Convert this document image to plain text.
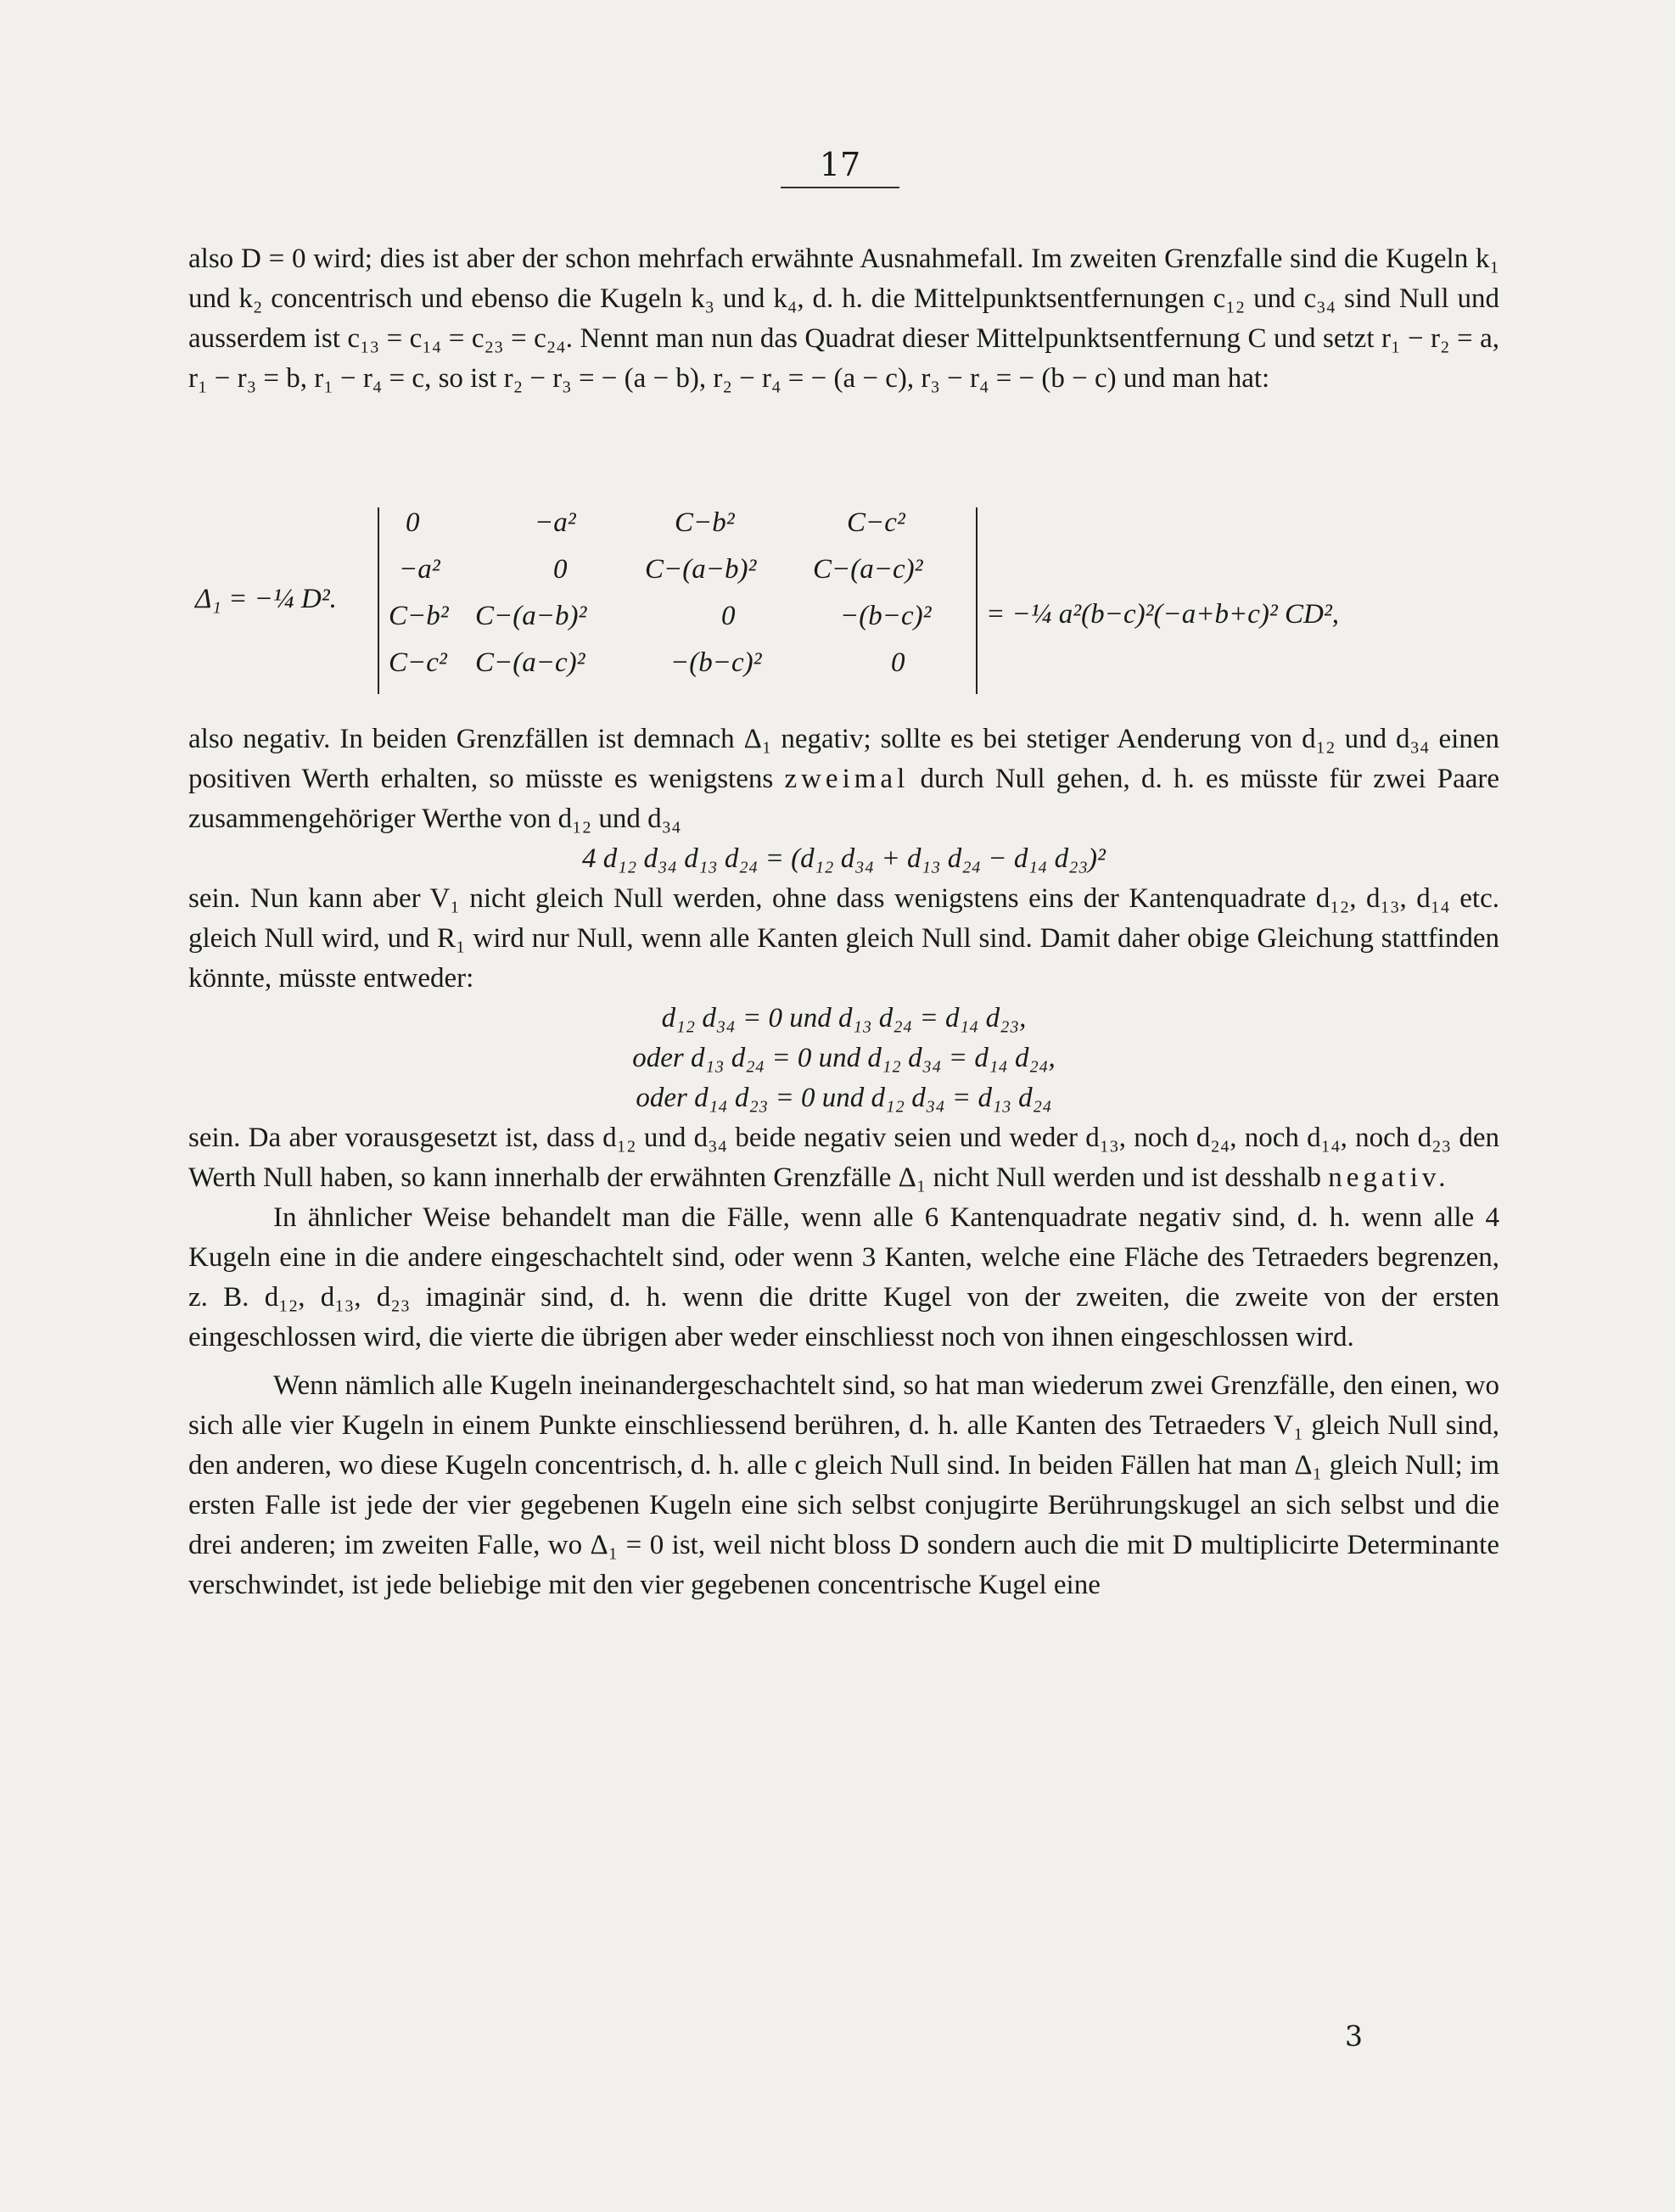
17

also D = 0 wird; dies ist aber der schon mehrfach erwähnte Ausnahmefall. Im zweiten Grenzfalle sind die Kugeln k₁ und k₂ concentrisch und ebenso die Kugeln k₃ und k₄, d. h. die Mittelpunktsentfernungen c₁₂ und c₃₄ sind Null und ausserdem ist c₁₃ = c₁₄ = c₂₃ = c₂₄. Nennt man nun das Quadrat dieser Mittelpunktsentfernung C und setzt r₁ − r₂ = a, r₁ − r₃ = b, r₁ − r₄ = c, so ist r₂ − r₃ = − (a − b), r₂ − r₄ = − (a − c), r₃ − r₄ = − (b − c) und man hat:

Δ₁ = −¼ D².
0	−a²	C−b²	C−c²
−a²	0	C−(a−b)² C−(a−c)²
C−b² C−(a−b)²	0	−(b−c)²
C−c² C−(a−c)²	−(b−c)²	0
= −¼ a²(b−c)²(−a+b+c)² CD²,

also negativ. In beiden Grenzfällen ist demnach Δ₁ negativ; sollte es bei stetiger Aenderung von d₁₂ und d₃₄ einen positiven Werth erhalten, so müsste es wenigstens zweimal durch Null gehen, d. h. es müsste für zwei Paare zusammengehöriger Werthe von d₁₂ und d₃₄

4 d₁₂ d₃₄ d₁₃ d₂₄ = (d₁₂ d₃₄ + d₁₃ d₂₄ − d₁₄ d₂₃)²

sein. Nun kann aber V₁ nicht gleich Null werden, ohne dass wenigstens eins der Kantenquadrate d₁₂, d₁₃, d₁₄ etc. gleich Null wird, und R₁ wird nur Null, wenn alle Kanten gleich Null sind. Damit daher obige Gleichung stattfinden könnte, müsste entweder:

d₁₂ d₃₄ = 0 und d₁₃ d₂₄ = d₁₄ d₂₃,

oder d₁₃ d₂₄ = 0 und d₁₂ d₃₄ = d₁₄ d₂₄,

oder d₁₄ d₂₃ = 0 und d₁₂ d₃₄ = d₁₃ d₂₄

sein. Da aber vorausgesetzt ist, dass d₁₂ und d₃₄ beide negativ seien und weder d₁₃, noch d₂₄, noch d₁₄, noch d₂₃ den Werth Null haben, so kann innerhalb der erwähnten Grenzfälle Δ₁ nicht Null werden und ist desshalb negativ.

In ähnlicher Weise behandelt man die Fälle, wenn alle 6 Kantenquadrate negativ sind, d. h. wenn alle 4 Kugeln eine in die andere eingeschachtelt sind, oder wenn 3 Kanten, welche eine Fläche des Tetraeders begrenzen, z. B. d₁₂, d₁₃, d₂₃ imaginär sind, d. h. wenn die dritte Kugel von der zweiten, die zweite von der ersten eingeschlossen wird, die vierte die übrigen aber weder einschliesst noch von ihnen eingeschlossen wird.

Wenn nämlich alle Kugeln ineinandergeschachtelt sind, so hat man wiederum zwei Grenzfälle, den einen, wo sich alle vier Kugeln in einem Punkte einschliessend berühren, d. h. alle Kanten des Tetraeders V₁ gleich Null sind, den anderen, wo diese Kugeln concentrisch, d. h. alle c gleich Null sind. In beiden Fällen hat man Δ₁ gleich Null; im ersten Falle ist jede der vier gegebenen Kugeln eine sich selbst conjugirte Berührungskugel an sich selbst und die drei anderen; im zweiten Falle, wo Δ₁ = 0 ist, weil nicht bloss D sondern auch die mit D multiplicirte Determinante verschwindet, ist jede beliebige mit den vier gegebenen concentrische Kugel eine

3
